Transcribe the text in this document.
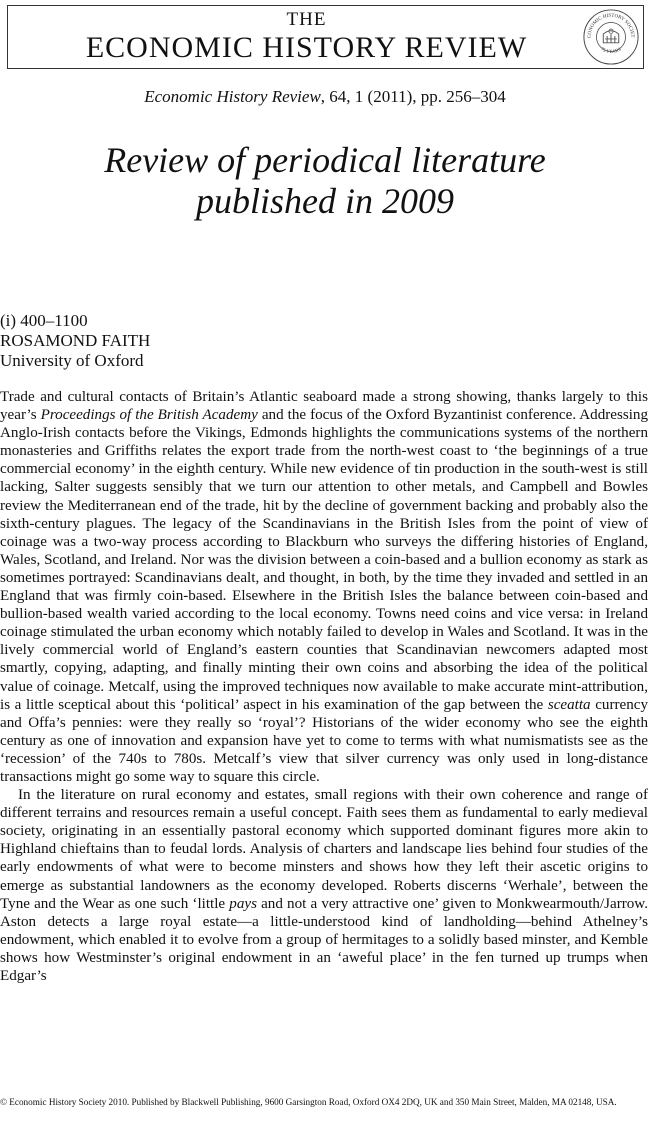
THE
ECONOMIC HISTORY REVIEW	CONOMIC HISTORY SOCIET
75 YEARS
Economic History Review, 64, 1 (2011), pp. 256–304
Review of periodical literature
published in 2009
(i) 400–1100
ROSAMOND FAITH
University of Oxford

Trade and cultural contacts of Britain’s Atlantic seaboard made a strong showing, thanks largely to this year’s Proceedings of the British Academy and the focus of the Oxford Byzantinist conference. Addressing Anglo-Irish contacts before the Vikings, Edmonds highlights the communications systems of the northern monasteries and Griffiths relates the export trade from the north-west coast to ‘the beginnings of a true commercial economy’ in the eighth century. While new evidence of tin production in the south-west is still lacking, Salter suggests sensibly that we turn our attention to other metals, and Campbell and Bowles review the Mediterranean end of the trade, hit by the decline of government backing and probably also the sixth-century plagues. The legacy of the Scandinavians in the British Isles from the point of view of coinage was a two-way process according to Blackburn who surveys the differing histories of England, Wales, Scotland, and Ireland. Nor was the division between a coin-based and a bullion economy as stark as sometimes portrayed: Scandinavians dealt, and thought, in both, by the time they invaded and settled in an England that was firmly coin-based. Elsewhere in the British Isles the balance between coin-based and bullion-based wealth varied according to the local economy. Towns need coins and vice versa: in Ireland coinage stimulated the urban economy which notably failed to develop in Wales and Scotland. It was in the lively commercial world of England’s eastern counties that Scandinavian newcomers adapted most smartly, copying, adapting, and finally minting their own coins and absorbing the idea of the political value of coinage. Metcalf, using the improved techniques now available to make accurate mint-attribution, is a little sceptical about this ‘political’ aspect in his examination of the gap between the sceatta currency and Offa’s pennies: were they really so ‘royal’? Historians of the wider economy who see the eighth century as one of innovation and expansion have yet to come to terms with what numismatists see as the ‘recession’ of the 740s to 780s. Metcalf’s view that silver currency was only used in long-distance transactions might go some way to square this circle.

In the literature on rural economy and estates, small regions with their own coherence and range of different terrains and resources remain a useful concept. Faith sees them as fundamental to early medieval society, originating in an essentially pastoral economy which supported dominant figures more akin to Highland chieftains than to feudal lords. Analysis of charters and landscape lies behind four studies of the early endowments of what were to become minsters and shows how they left their ascetic origins to emerge as substantial landowners as the economy developed. Roberts discerns ‘Werhale’, between the Tyne and the Wear as one such ‘little pays and not a very attractive one’ given to Monkwearmouth/Jarrow. Aston detects a large royal estate—a little-understood kind of landholding—behind Athelney’s endowment, which enabled it to evolve from a group of hermitages to a solidly based minster, and Kemble shows how Westminster’s original endowment in an ‘aweful place’ in the fen turned up trumps when Edgar’s

© Economic History Society 2010. Published by Blackwell Publishing, 9600 Garsington Road, Oxford OX4 2DQ, UK and 350 Main Street, Malden, MA 02148, USA.
